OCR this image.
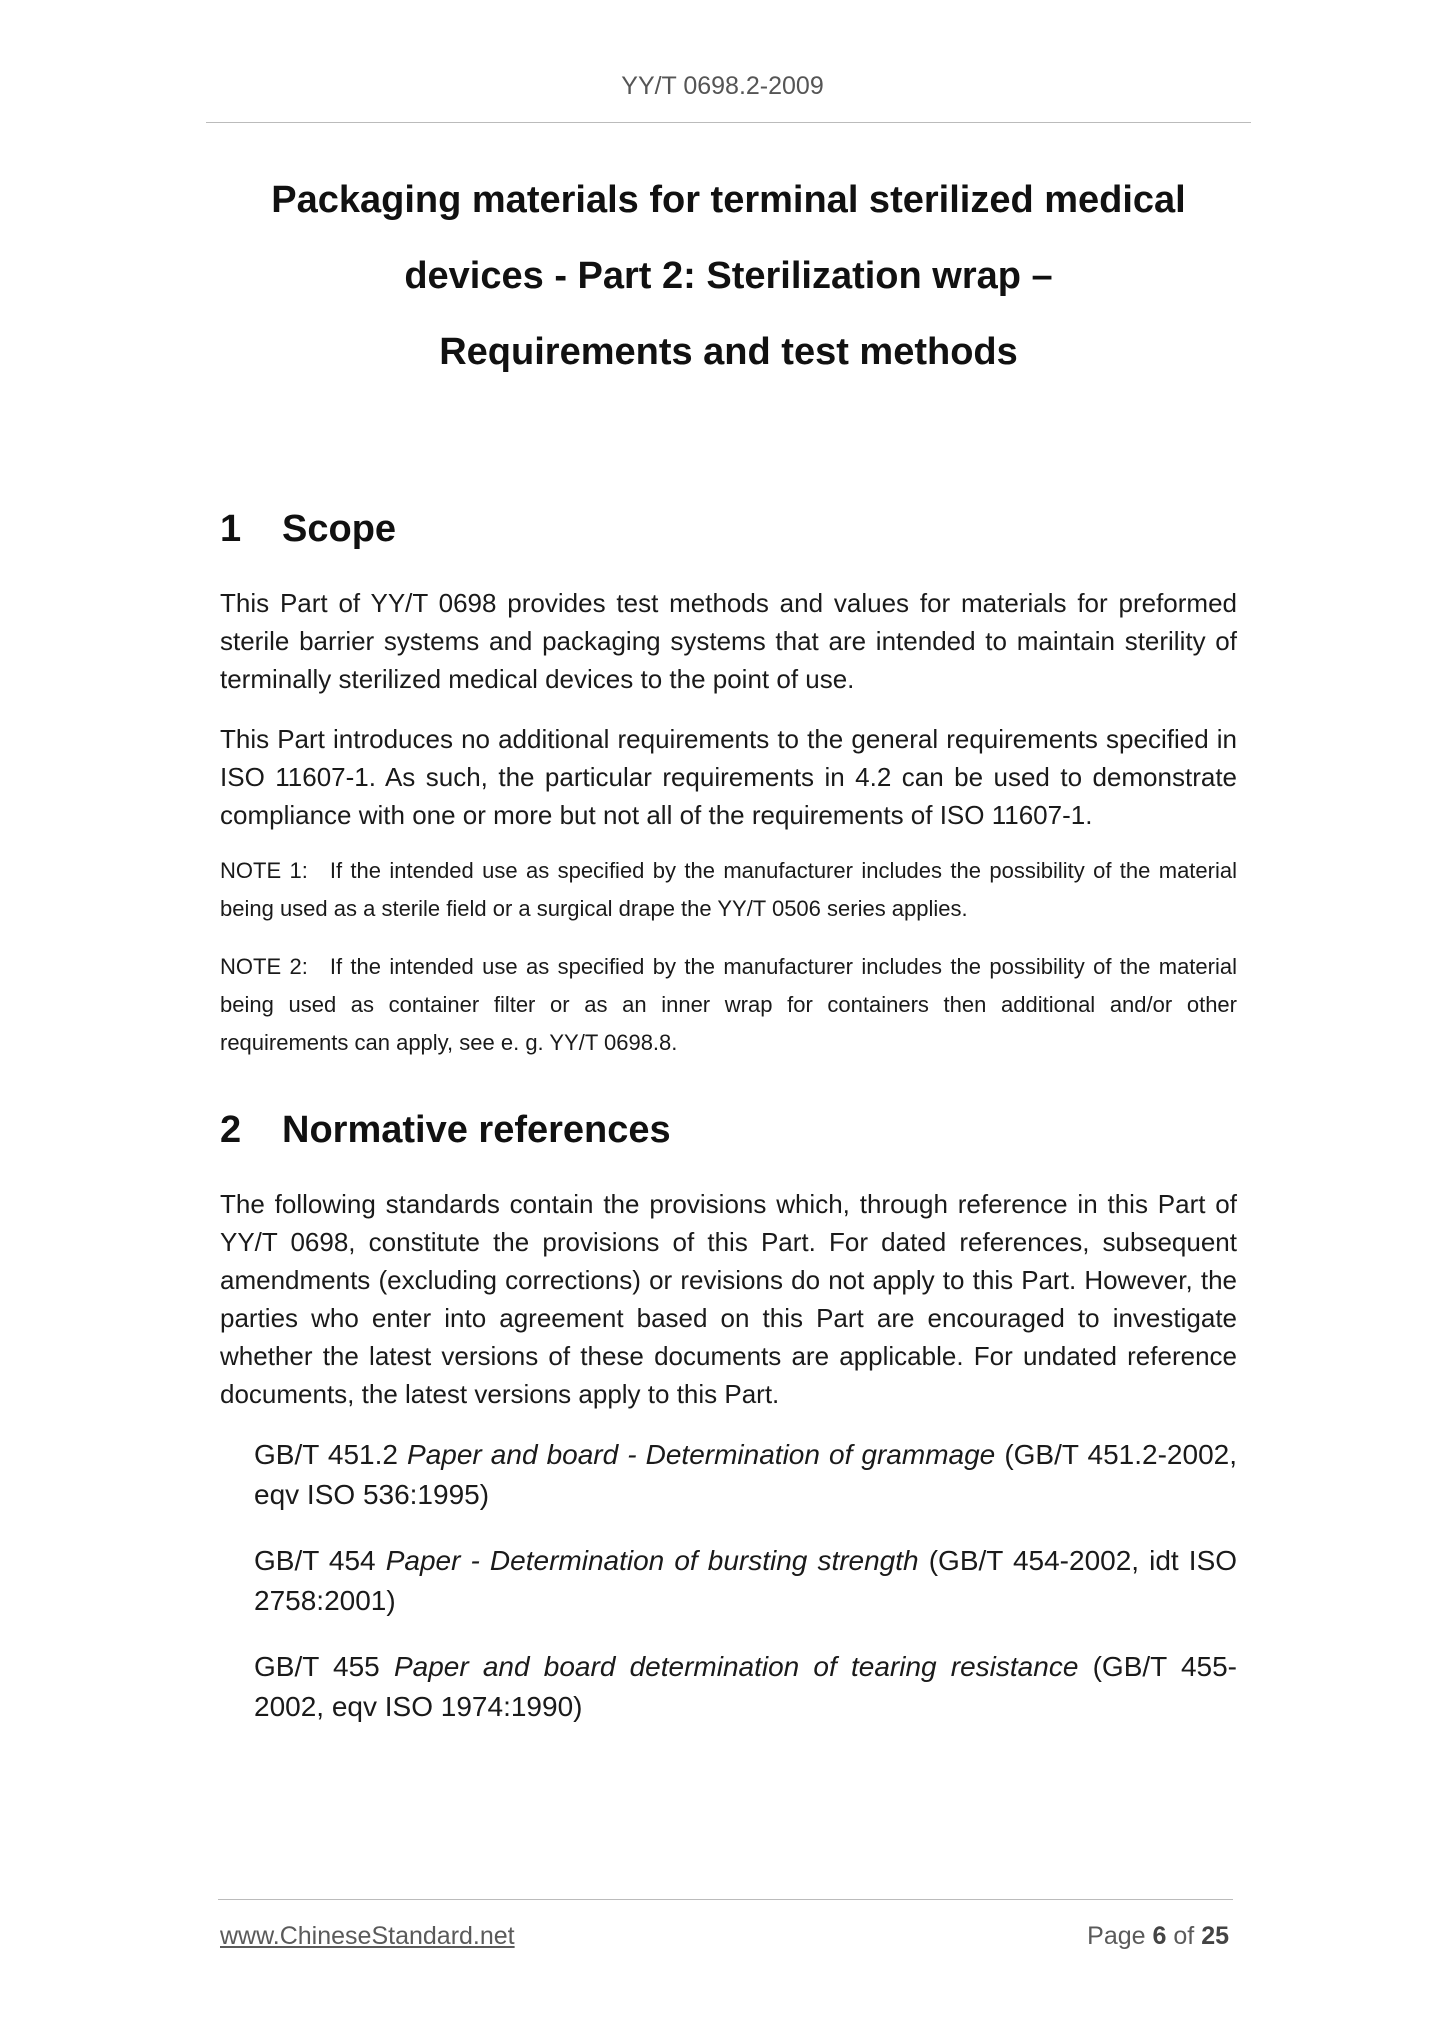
YY/T 0698.2-2009
Packaging materials for terminal sterilized medical
devices - Part 2: Sterilization wrap –
Requirements and test methods
1 Scope

This Part of YY/T 0698 provides test methods and values for materials for preformed sterile barrier systems and packaging systems that are intended to maintain sterility of terminally sterilized medical devices to the point of use.

This Part introduces no additional requirements to the general requirements specified in ISO 11607-1. As such, the particular requirements in 4.2 can be used to demonstrate compliance with one or more but not all of the requirements of ISO 11607-1.

NOTE 1: If the intended use as specified by the manufacturer includes the possibility of the material being used as a sterile field or a surgical drape the YY/T 0506 series applies.
NOTE 2: If the intended use as specified by the manufacturer includes the possibility of the material being used as container filter or as an inner wrap for containers then additional and/or other requirements can apply, see e. g. YY/T 0698.8.
2 Normative references

The following standards contain the provisions which, through reference in this Part of YY/T 0698, constitute the provisions of this Part. For dated references, subsequent amendments (excluding corrections) or revisions do not apply to this Part. However, the parties who enter into agreement based on this Part are encouraged to investigate whether the latest versions of these documents are applicable. For undated reference documents, the latest versions apply to this Part.

GB/T 451.2 Paper and board - Determination of grammage (GB/T 451.2-2002, eqv ISO 536:1995)
GB/T 454 Paper - Determination of bursting strength (GB/T 454-2002, idt ISO 2758:2001)
GB/T 455 Paper and board determination of tearing resistance (GB/T 455-2002, eqv ISO 1974:1990)
www.ChineseStandard.net	Page 6 of 25
